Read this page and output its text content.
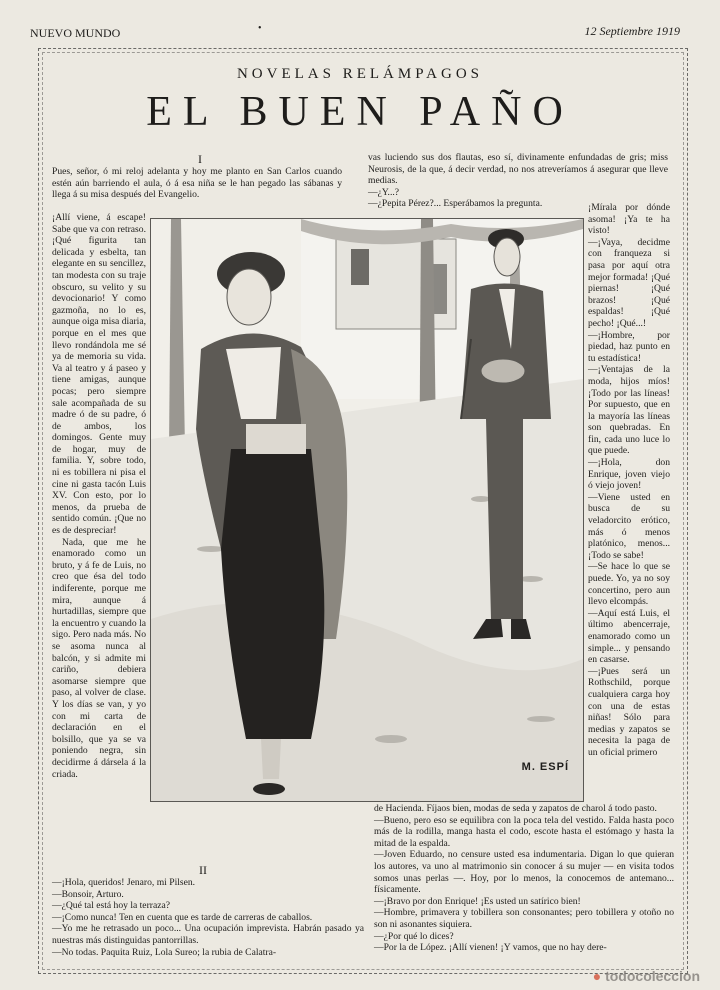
NUEVO MUNDO	•	12 Septiembre 1919
NOVELAS RELÁMPAGOS
EL BUEN PAÑO
I

Pues, señor, ó mi reloj adelanta y hoy me planto en San Carlos cuando estén aún barriendo el aula, ó á esa niña se le han pegado las sábanas y llega á su misa después del Evangelio.

¡Allí viene, á escape! Sabe que va con retraso. ¡Qué figurita tan delicada y esbelta, tan elegante en su sencillez, tan modesta con su traje obscuro, su velito y su devocionario! Y como gazmoña, no lo es, aunque oiga misa diaria, porque en el mes que llevo rondándola me sé ya de memoria su vida. Va al teatro y á paseo y tiene amigas, aunque pocas; pero siempre sale acompañada de su madre ó de su padre, ó de ambos, los domingos. Gente muy de hogar, muy de familia. Y, sobre todo, ni es tobillera ni pisa el cine ni gasta tacón Luis XV. Con esto, por lo menos, da prueba de sentido común. ¡Que no es de despreciar!

Nada, que me he enamorado como un bruto, y á fe de Luis, no creo que ésa del todo indiferente, porque me mira, aunque á hurtadillas, siempre que la encuentro y cuando la sigo. Pero nada más. No se asoma nunca al balcón, y si admite mi cariño, debiera asomarse siempre que paso, al volver de clase. Y los días se van, y yo con mi carta de declaración en el bolsillo, que ya se va poniendo negra, sin decidirme á dársela á la criada.

vas luciendo sus dos flautas, eso sí, divinamente enfundadas de gris; miss Neurosis, de la que, á decir verdad, no nos atreveríamos á asegurar que lleve medias.

—¿Y...?

—¿Pepita Pérez?... Esperábamos la pregunta.	¡Mírala por dónde asoma! ¡Ya te ha visto!

—¡Vaya, decidme con franqueza si pasa por aquí otra mejor formada! ¡Qué piernas! ¡Qué brazos! ¡Qué espaldas! ¡Qué pecho! ¡Qué...!

—¡Hombre, por piedad, haz punto en tu estadística!

—¡Ventajas de la moda, hijos míos! ¡Todo por las líneas! Por supuesto, que en la mayoría las líneas son quebradas. En fin, cada uno luce lo que puede.

—¡Hola, don Enrique, joven viejo ó viejo joven!

—Viene usted en busca de su veladorcito erótico, más ó menos platónico, menos... ¡Todo se sabe!

—Se hace lo que se puede. Yo, ya no soy concertino, pero aun llevo elcompás.

—Aquí está Luis, el último abencerraje, enamorado como un simple... y pensando en casarse.

—¡Pues será un Rothschild, porque cualquiera carga hoy con una de estas niñas! Sólo para medias y zapatos se necesita la paga de un oficial primero

M. ESPÍ

II

—¡Hola, queridos! Jenaro, mi Pilsen.

—Bonsoir, Arturo.

—¿Qué tal está hoy la terraza?

—¡Como nunca! Ten en cuenta que es tarde de carreras de caballos.

—Yo me he retrasado un poco... Una ocupación imprevista. Habrán pasado ya nuestras más distinguidas pantorrillas.

—No todas. Paquita Ruiz, Lola Sureo; la rubia de Calatra-

de Hacienda. Fíjaos bien, modas de seda y zapatos de charol á todo pasto.

—Bueno, pero eso se equilibra con la poca tela del vestido. Falda hasta poco más de la rodilla, manga hasta el codo, escote hasta el estómago y hasta la mitad de la espalda.

—Joven Eduardo, no censure usted esa indumentaria. Digan lo que quieran los autores, va uno al matrimonio sin conocer á su mujer — en visita todos somos unas perlas —. Hoy, por lo menos, la conocemos de antemano... físicamente.

—¡Bravo por don Enrique! ¡Es usted un satírico bien!

—Hombre, primavera y tobillera son consonantes; pero tobillera y otoño no son ni asonantes siquiera.

—¿Por qué lo dices?

—Por la de López. ¡Allí vienen! ¡Y vamos, que no hay dere-

● todocoleccion
